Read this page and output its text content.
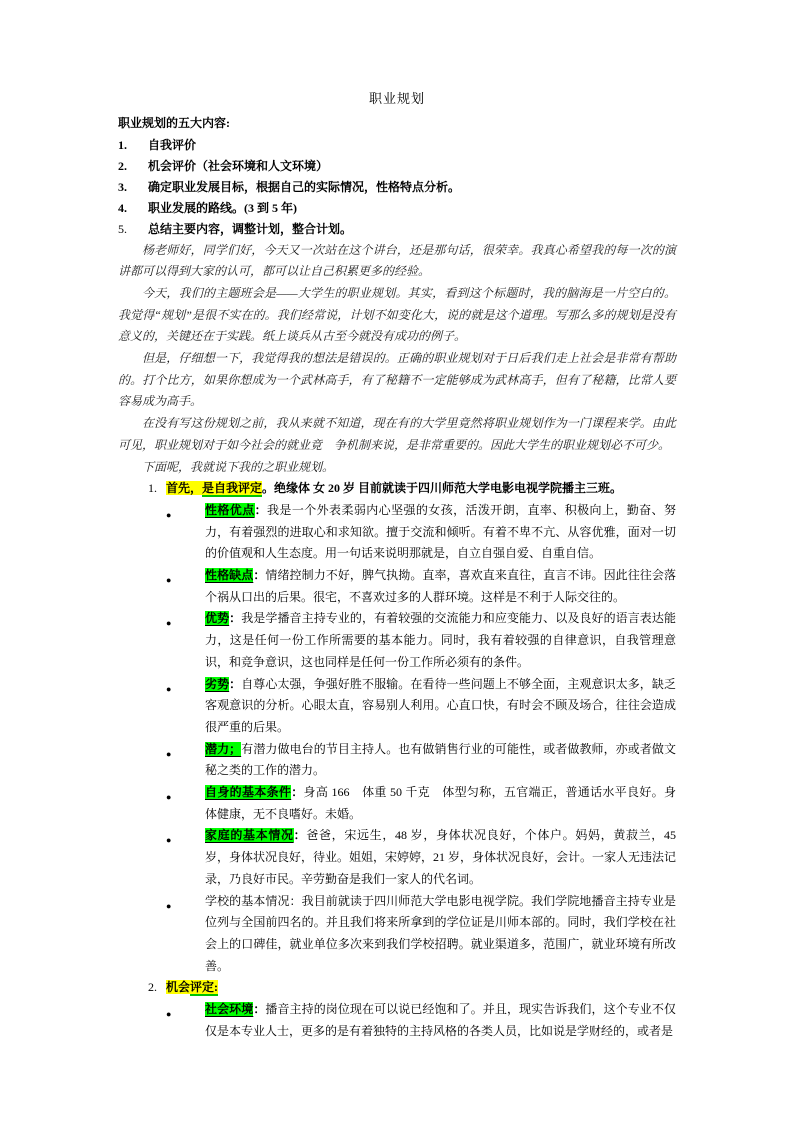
职业规划
职业规划的五大内容:
1.	自我评价
2.	机会评价（社会环境和人文环境）
3.	确定职业发展目标，根据自己的实际情况，性格特点分析。
4.	职业发展的路线。(3 到 5 年)
5.	总结主要内容，调整计划，整合计划。

杨老师好，同学们好，今天又一次站在这个讲台，还是那句话，很荣幸。我真心希望我的每一次的演讲都可以得到大家的认可，都可以让自己积累更多的经验。

今天，我们的主题班会是——大学生的职业规划。其实，看到这个标题时，我的脑海是一片空白的。我觉得“规划”是很不实在的。我们经常说，计划不如变化大，说的就是这个道理。写那么多的规划是没有意义的，关键还在于实践。纸上谈兵从古至今就没有成功的例子。

但是，仔细想一下，我觉得我的想法是错误的。正确的职业规划对于日后我们走上社会是非常有帮助的。打个比方，如果你想成为一个武林高手，有了秘籍不一定能够成为武林高手，但有了秘籍，比常人要容易成为高手。

在没有写这份规划之前，我从来就不知道，现在有的大学里竟然将职业规划作为一门课程来学。由此可见，职业规划对于如今社会的就业竟　争机制来说，是非常重要的。因此大学生的职业规划必不可少。

下面呢，我就说下我的之职业规划。

1. 首先，是自我评定。绝缘体 女 20 岁 目前就读于四川师范大学电影电视学院播主三班。
●	性格优点：我是一个外表柔弱内心坚强的女孩，活泼开朗，直率、积极向上，勤奋、努力，有着强烈的进取心和求知欲。擅于交流和倾听。有着不卑不亢、从容优雅，面对一切的价值观和人生态度。用一句话来说明那就是，自立自强自爱、自重自信。
●	性格缺点：情绪控制力不好，脾气执拗。直率，喜欢直来直往，直言不讳。因此往往会落个祸从口出的后果。很宅，不喜欢过多的人群环境。这样是不利于人际交往的。
●	优势：我是学播音主持专业的，有着较强的交流能力和应变能力、以及良好的语言表达能力，这是任何一份工作所需要的基本能力。同时，我有着较强的自律意识，自我管理意识，和竞争意识，这也同样是任何一份工作所必须有的条件。
●	劣势：自尊心太强，争强好胜不服输。在看待一些问题上不够全面，主观意识太多，缺乏客观意识的分析。心眼太直，容易别人利用。心直口快，有时会不顾及场合，往往会造成很严重的后果。
●	潜力；有潜力做电台的节目主持人。也有做销售行业的可能性，或者做教师，亦或者做文秘之类的工作的潜力。
●	自身的基本条件：身高 166　体重 50 千克　体型匀称，五官端正，普通话水平良好。身体健康，无不良嗜好。未婚。
●	家庭的基本情况：爸爸，宋远生，48 岁，身体状况良好，个体户。妈妈，黄菽兰，45 岁，身体状况良好，待业。姐姐，宋婷婷，21 岁，身体状况良好，会计。一家人无违法记录，乃良好市民。辛劳勤奋是我们一家人的代名词。
●	学校的基本情况：我目前就读于四川师范大学电影电视学院。我们学院地播音主持专业是位列与全国前四名的。并且我们将来所拿到的学位证是川师本部的。同时，我们学校在社会上的口碑佳，就业单位多次来到我们学校招聘。就业渠道多，范围广，就业环境有所改善。
2. 机会评定:
●	社会环境：播音主持的岗位现在可以说已经饱和了。并且，现实告诉我们，这个专业不仅仅是本专业人士，更多的是有着独特的主持风格的各类人员，比如说是学财经的，或者是
